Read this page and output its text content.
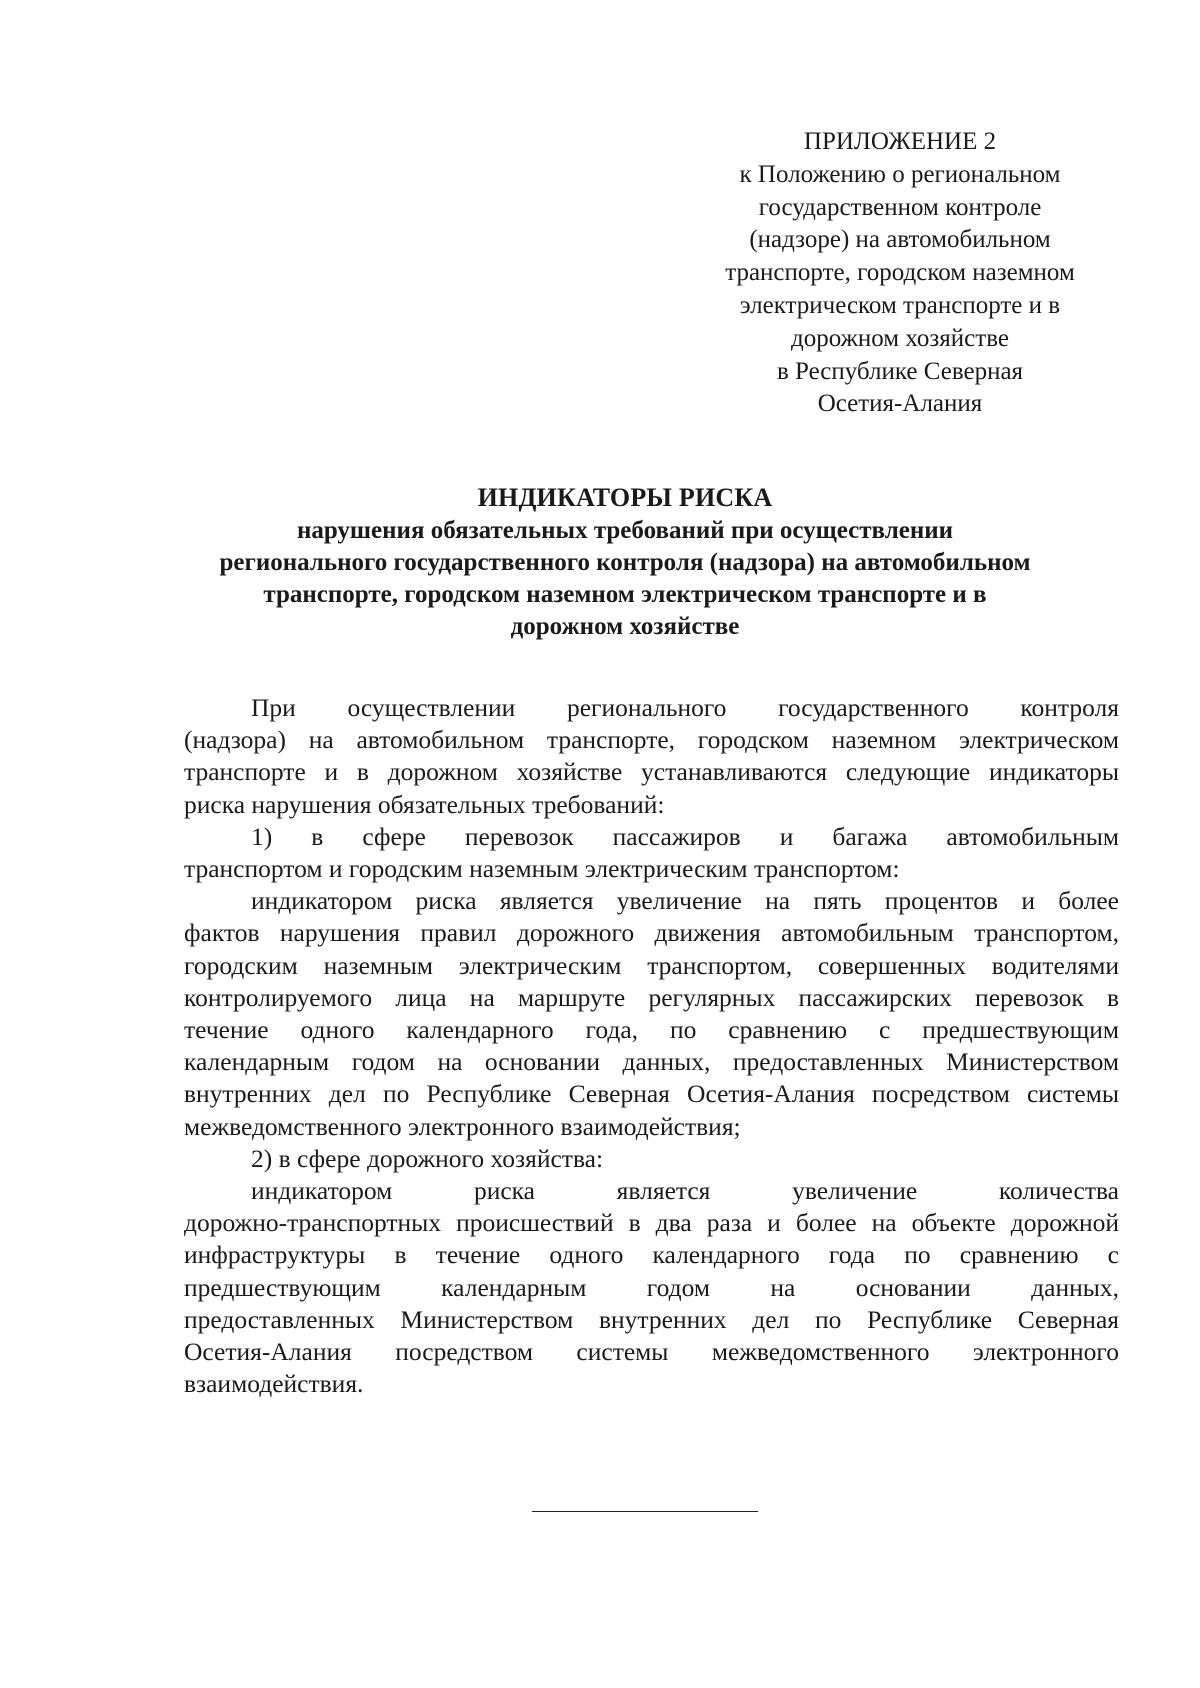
ПРИЛОЖЕНИЕ 2
к Положению о региональном
государственном контроле
(надзоре) на автомобильном
транспорте, городском наземном
электрическом транспорте и в
дорожном хозяйстве
в Республике Северная
Осетия-Алания
ИНДИКАТОРЫ РИСКА
нарушения обязательных требований при осуществлении
регионального государственного контроля (надзора) на автомобильном
транспорте, городском наземном электрическом транспорте и в
дорожном хозяйстве
При осуществлении регионального государственного контроля
(надзора) на автомобильном транспорте, городском наземном электрическом
транспорте и в дорожном хозяйстве устанавливаются следующие индикаторы
риска нарушения обязательных требований:
1) в сфере перевозок пассажиров и багажа автомобильным
транспортом и городским наземным электрическим транспортом:
индикатором риска является увеличение на пять процентов и более
фактов нарушения правил дорожного движения автомобильным транспортом,
городским наземным электрическим транспортом, совершенных водителями
контролируемого лица на маршруте регулярных пассажирских перевозок в
течение одного календарного года, по сравнению с предшествующим
календарным годом на основании данных, предоставленных Министерством
внутренних дел по Республике Северная Осетия-Алания посредством системы
межведомственного электронного взаимодействия;
2) в сфере дорожного хозяйства:
индикатором риска является увеличение количества
дорожно-транспортных происшествий в два раза и более на объекте дорожной
инфраструктуры в течение одного календарного года по сравнению с
предшествующим календарным годом на основании данных,
предоставленных Министерством внутренних дел по Республике Северная
Осетия-Алания посредством системы межведомственного электронного
взаимодействия.
